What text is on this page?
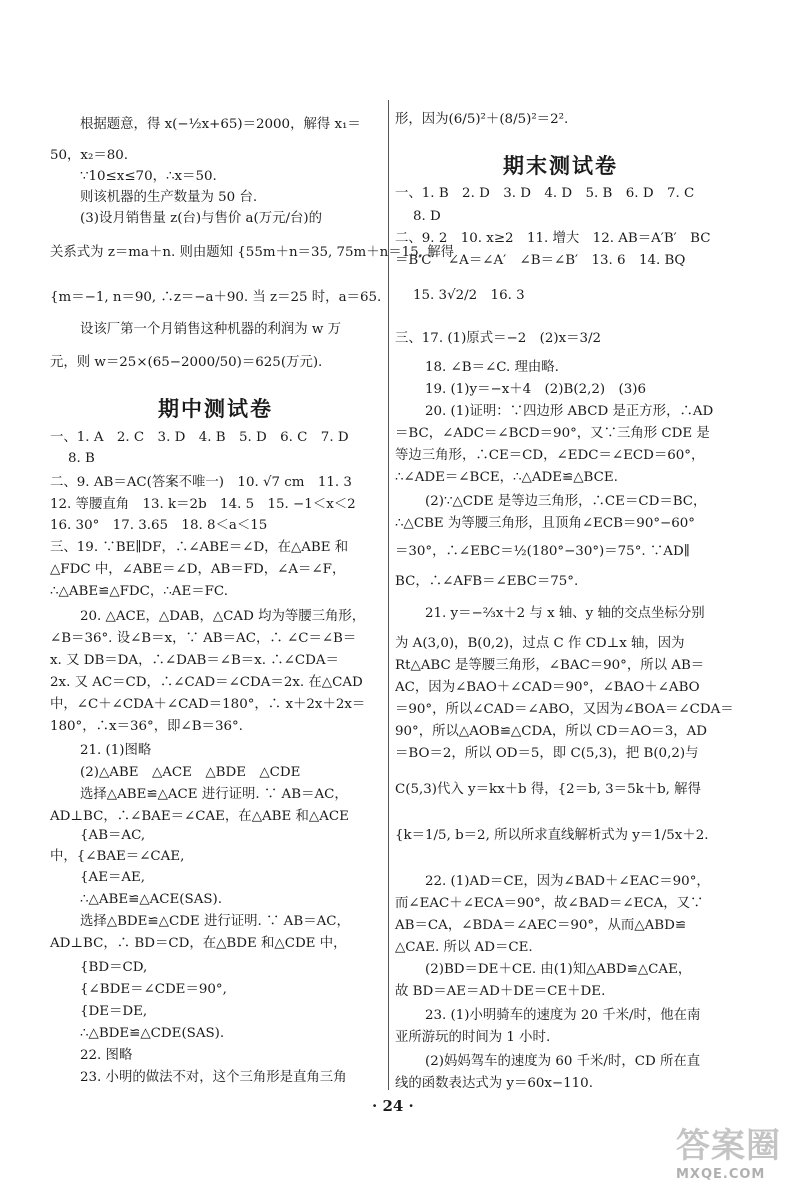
根据题意，得 x(−½x+65)＝2000，解得 x₁＝
50，x₂＝80.
∵10≤x≤70，∴x＝50.
则该机器的生产数量为 50 台.
(3)设月销售量 z(台)与售价 a(万元/台)的
关系式为 z＝ma＋n. 则由题知 {55m＋n＝35, 75m＋n＝15, 解得
{m＝−1, n＝90, ∴z＝−a＋90. 当 z＝25 时，a＝65.
设该厂第一个月销售这种机器的利润为 w 万
元，则 w＝25×(65−2000/50)＝625(万元).
期中测试卷
一、1. A　2. C　3. D　4. B　5. D　6. C　7. D
8. B
二、9. AB＝AC(答案不唯一)　10. √7 cm　11. 3
12. 等腰直角　13. k＝2b　14. 5　15. −1＜x＜2
16. 30°　17. 3.65　18. 8＜a＜15
三、19. ∵BE∥DF，∴∠ABE＝∠D，在△ABE 和
△FDC 中，∠ABE＝∠D，AB＝FD，∠A＝∠F，
∴△ABE≌△FDC，∴AE＝FC.
20. △ACE，△DAB，△CAD 均为等腰三角形，
∠B＝36°. 设∠B＝x，∵ AB＝AC，∴ ∠C＝∠B＝
x. 又 DB＝DA，∴∠DAB＝∠B＝x. ∴∠CDA＝
2x. 又 AC＝CD，∴∠CAD＝∠CDA＝2x. 在△CAD
中，∠C＋∠CDA＋∠CAD＝180°，∴ x＋2x＋2x＝
180°，∴x＝36°，即∠B＝36°.
21. (1)图略
(2)△ABE　△ACE　△BDE　△CDE
选择△ABE≌△ACE 进行证明. ∵ AB＝AC，
AD⊥BC，∴∠BAE＝∠CAE，在△ABE 和△ACE
{AB＝AC,
中，{∠BAE＝∠CAE,
{AE＝AE,
∴△ABE≌△ACE(SAS).
选择△BDE≌△CDE 进行证明. ∵ AB＝AC，
AD⊥BC，∴ BD＝CD，在△BDE 和△CDE 中，
{BD＝CD,
{∠BDE＝∠CDE＝90°,
{DE＝DE,
∴△BDE≌△CDE(SAS).
22. 图略
23. 小明的做法不对，这个三角形是直角三角
形，因为(6/5)²＋(8/5)²＝2².
期末测试卷
一、1. B　2. D　3. D　4. D　5. B　6. D　7. C
8. D
二、9. 2　10. x≥2　11. 增大　12. AB＝A′B′　BC
＝B′C′　∠A＝∠A′　∠B＝∠B′　13. 6　14. BQ
15. 3√2/2　16. 3
三、17. (1)原式＝−2　(2)x＝3/2
18. ∠B＝∠C. 理由略.
19. (1)y＝−x＋4　(2)B(2,2)　(3)6
20. (1)证明：∵四边形 ABCD 是正方形，∴AD
＝BC，∠ADC＝∠BCD＝90°，又∵三角形 CDE 是
等边三角形，∴CE＝CD，∠EDC＝∠ECD＝60°，
∴∠ADE＝∠BCE，∴△ADE≌△BCE.
(2)∵△CDE 是等边三角形，∴CE＝CD＝BC，
∴△CBE 为等腰三角形，且顶角∠ECB＝90°−60°
＝30°，∴∠EBC＝½(180°−30°)＝75°. ∵AD∥
BC，∴∠AFB＝∠EBC＝75°.
21. y＝−⅔x＋2 与 x 轴、y 轴的交点坐标分别
为 A(3,0)，B(0,2)，过点 C 作 CD⊥x 轴，因为
Rt△ABC 是等腰三角形，∠BAC＝90°，所以 AB＝
AC，因为∠BAO＋∠CAD＝90°，∠BAO＋∠ABO
＝90°，所以∠CAD＝∠ABO，又因为∠BOA＝∠CDA＝
90°，所以△AOB≌△CDA，所以 CD＝AO＝3，AD
＝BO＝2，所以 OD＝5，即 C(5,3)，把 B(0,2)与
C(5,3)代入 y＝kx＋b 得，{2＝b, 3＝5k＋b, 解得
{k＝1/5, b＝2, 所以所求直线解析式为 y＝1/5x＋2.
22. (1)AD＝CE，因为∠BAD＋∠EAC＝90°，
而∠EAC＋∠ECA＝90°，故∠BAD＝∠ECA，又∵
AB＝CA，∠BDA＝∠AEC＝90°，从而△ABD≌
△CAE. 所以 AD＝CE.
(2)BD＝DE＋CE. 由(1)知△ABD≌△CAE，
故 BD＝AE＝AD＋DE＝CE＋DE.
23. (1)小明骑车的速度为 20 千米/时，他在南
亚所游玩的时间为 1 小时.
(2)妈妈驾车的速度为 60 千米/时，CD 所在直
线的函数表达式为 y＝60x−110.
· 24 ·
答案圈
MXQE.COM
